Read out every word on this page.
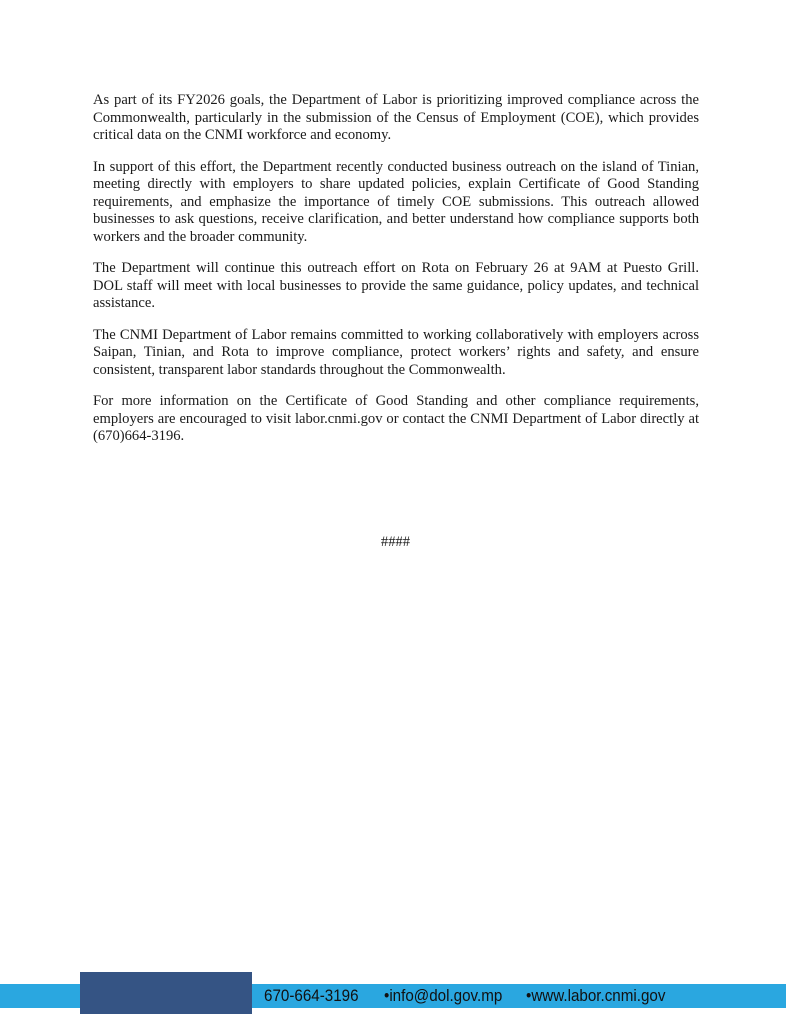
As part of its FY2026 goals, the Department of Labor is prioritizing improved compliance across the Commonwealth, particularly in the submission of the Census of Employment (COE), which provides critical data on the CNMI workforce and economy.

In support of this effort, the Department recently conducted business outreach on the island of Tinian, meeting directly with employers to share updated policies, explain Certificate of Good Standing requirements, and emphasize the importance of timely COE submissions. This outreach allowed businesses to ask questions, receive clarification, and better understand how compliance supports both workers and the broader community.

The Department will continue this outreach effort on Rota on February 26 at 9AM at Puesto Grill. DOL staff will meet with local businesses to provide the same guidance, policy updates, and technical assistance.

The CNMI Department of Labor remains committed to working collaboratively with employers across Saipan, Tinian, and Rota to improve compliance, protect workers’ rights and safety, and ensure consistent, transparent labor standards throughout the Commonwealth.

For more information on the Certificate of Good Standing and other compliance requirements, employers are encouraged to visit labor.cnmi.gov or contact the CNMI Department of Labor directly at (670)664-3196.

####
670-664-3196 •info@dol.gov.mp •www.labor.cnmi.gov
